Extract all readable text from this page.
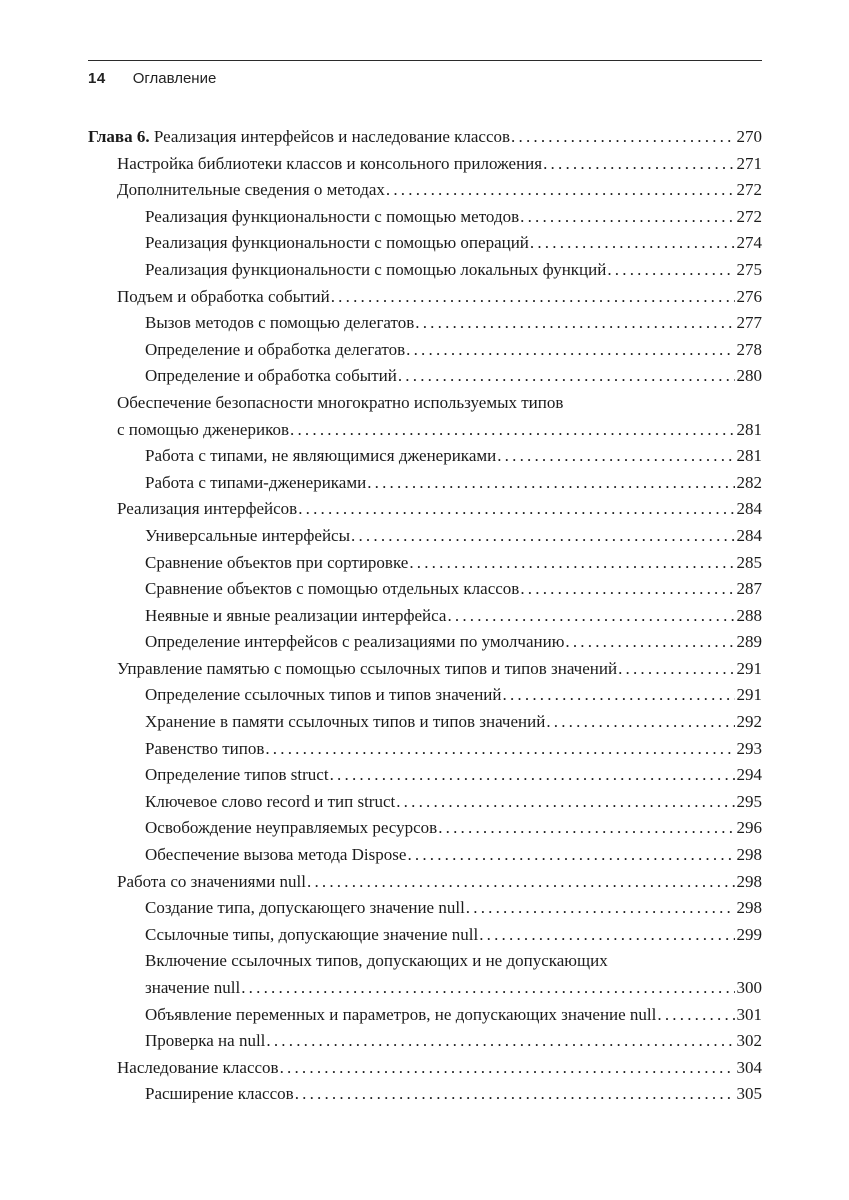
14 Оглавление
Глава 6. Реализация интерфейсов и наследование классов .....	270
Настройка библиотеки классов и консольного приложения .....	271
Дополнительные сведения о методах .....	272
Реализация функциональности с помощью методов .....	272
Реализация функциональности с помощью операций .....	274
Реализация функциональности с помощью локальных функций .....	275
Подъем и обработка событий .....	276
Вызов методов с помощью делегатов .....	277
Определение и обработка делегатов .....	278
Определение и обработка событий .....	280
Обеспечение безопасности многократно используемых типов
с помощью дженериков .....	281
Работа с типами, не являющимися дженериками .....	281
Работа с типами-дженериками .....	282
Реализация интерфейсов .....	284
Универсальные интерфейсы .....	284
Сравнение объектов при сортировке .....	285
Сравнение объектов с помощью отдельных классов .....	287
Неявные и явные реализации интерфейса .....	288
Определение интерфейсов с реализациями по умолчанию .....	289
Управление памятью с помощью ссылочных типов и типов значений .....	291
Определение ссылочных типов и типов значений .....	291
Хранение в памяти ссылочных типов и типов значений .....	292
Равенство типов .....	293
Определение типов struct .....	294
Ключевое слово record и тип struct .....	295
Освобождение неуправляемых ресурсов .....	296
Обеспечение вызова метода Dispose .....	298
Работа со значениями null .....	298
Создание типа, допускающего значение null .....	298
Ссылочные типы, допускающие значение null .....	299
Включение ссылочных типов, допускающих и не допускающих
значение null .....	300
Объявление переменных и параметров, не допускающих значение null .....	301
Проверка на null .....	302
Наследование классов .....	304
Расширение классов .....	305
